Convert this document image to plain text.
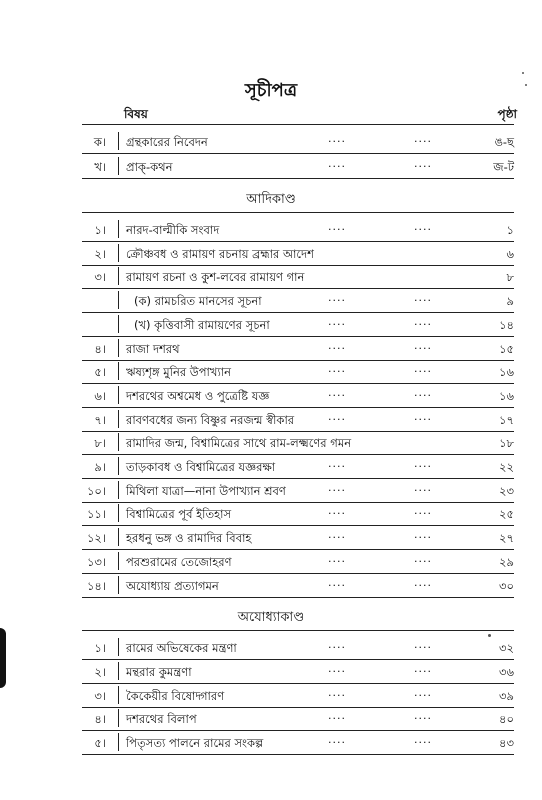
সূচীপত্র
বিষয়	পৃষ্ঠা
ক। গ্রন্থকারের নিবেদন	....	....	ঙ-ছ
খ। প্রাক্-কথন	....	....	জ-ট
আদিকাণ্ড
১। নারদ-বাল্মীকি সংবাদ	....	....	১
২। ক্রৌঞ্চবধ ও রামায়ণ রচনায় ব্রহ্মার আদেশ	৬
৩। রামায়ণ রচনা ও কুশ-লবের রামায়ণ গান	৮
(ক) রামচরিত মানসের সূচনা	....	....	৯
(খ) কৃত্তিবাসী রামায়ণের সূচনা	....	....	১৪
৪। রাজা দশরথ	....	....	১৫
৫। ঋষ্যশৃঙ্গ মুনির উপাখ্যান	....	....	১৬
৬। দশরথের অশ্বমেধ ও পুত্রেষ্টি যজ্ঞ	....	....	১৬
৭। রাবণবধের জন্য বিষ্ণুর নরজন্ম স্বীকার	....	....	১৭
৮। রামাদির জন্ম, বিশ্বামিত্রের সাথে রাম-লক্ষ্মণের গমন	১৮
৯। তাড়কাবধ ও বিশ্বামিত্রের যজ্ঞরক্ষা	....	....	২২
১০। মিথিলা যাত্রা—নানা উপাখ্যান শ্রবণ	....	....	২৩
১১। বিশ্বামিত্রের পূর্ব ইতিহাস	....	....	২৫
১২। হরধনু ভঙ্গ ও রামাদির বিবাহ	....	....	২৭
১৩। পরশুরামের তেজোহরণ	....	....	২৯
১৪। অযোধ্যায় প্রত্যাগমন	....	....	৩০
অযোধ্যাকাণ্ড
১। রামের অভিষেকের মন্ত্রণা	....	....	৩২
২। মন্থরার কুমন্ত্রণা	....	....	৩৬
৩। কৈকেয়ীর বিষোদ্গারণ	....	....	৩৯
৪। দশরথের বিলাপ	....	....	৪০
৫। পিতৃসত্য পালনে রামের সংকল্প	....	....	৪৩
